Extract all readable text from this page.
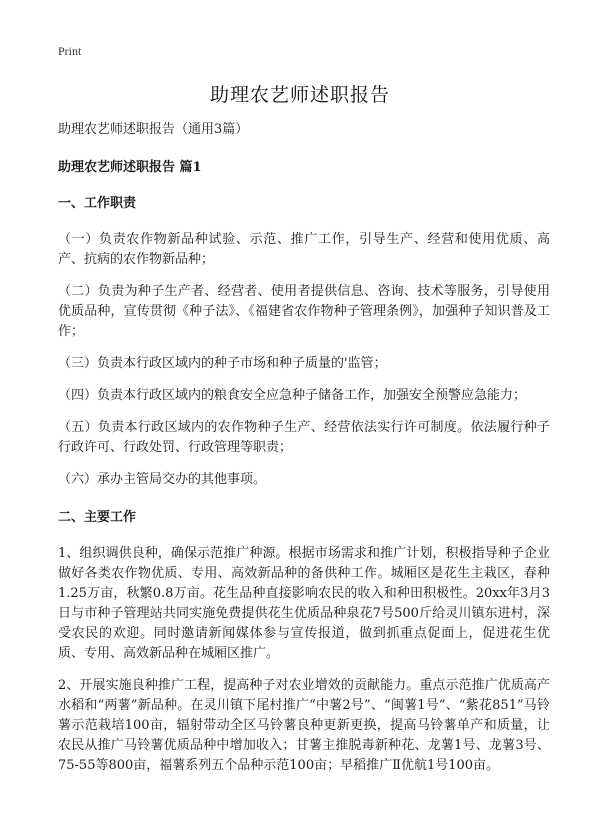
Print
助理农艺师述职报告

助理农艺师述职报告（通用3篇）

助理农艺师述职报告 篇1

一、工作职责

（一）负责农作物新品种试验、示范、推广工作，引导生产、经营和使用优质、高产、抗病的农作物新品种；

（二）负责为种子生产者、经营者、使用者提供信息、咨询、技术等服务，引导使用优质品种，宣传贯彻《种子法》、《福建省农作物种子管理条例》，加强种子知识普及工作；

（三）负责本行政区域内的种子市场和种子质量的'监管；

（四）负责本行政区域内的粮食安全应急种子储备工作，加强安全预警应急能力；

（五）负责本行政区域内的农作物种子生产、经营依法实行许可制度。依法履行种子行政许可、行政处罚、行政管理等职责；

（六）承办主管局交办的其他事项。

二、主要工作

1、组织调供良种，确保示范推广种源。根据市场需求和推广计划，积极指导种子企业做好各类农作物优质、专用、高效新品种的备供种工作。城厢区是花生主栽区，春种1.25万亩，秋繁0.8万亩。花生品种直接影响农民的收入和种田积极性。20xx年3月3日与市种子管理站共同实施免费提供花生优质品种泉花7号500斤给灵川镇东进村，深受农民的欢迎。同时邀请新闻媒体参与宣传报道，做到抓重点促面上，促进花生优质、专用、高效新品种在城厢区推广。

2、开展实施良种推广工程，提高种子对农业增效的贡献能力。重点示范推广优质高产水稻和“两薯”新品种。在灵川镇下尾村推广“中薯2号”、“闽薯1号”、“紫花851”马铃薯示范栽培100亩，辐射带动全区马铃薯良种更新更换，提高马铃薯单产和质量，让农民从推广马铃薯优质品种中增加收入；甘薯主推脱毒新种花、龙薯1号、龙薯3号、75-55等800亩，福薯系列五个品种示范100亩；早稻推广Ⅱ优航1号100亩。
